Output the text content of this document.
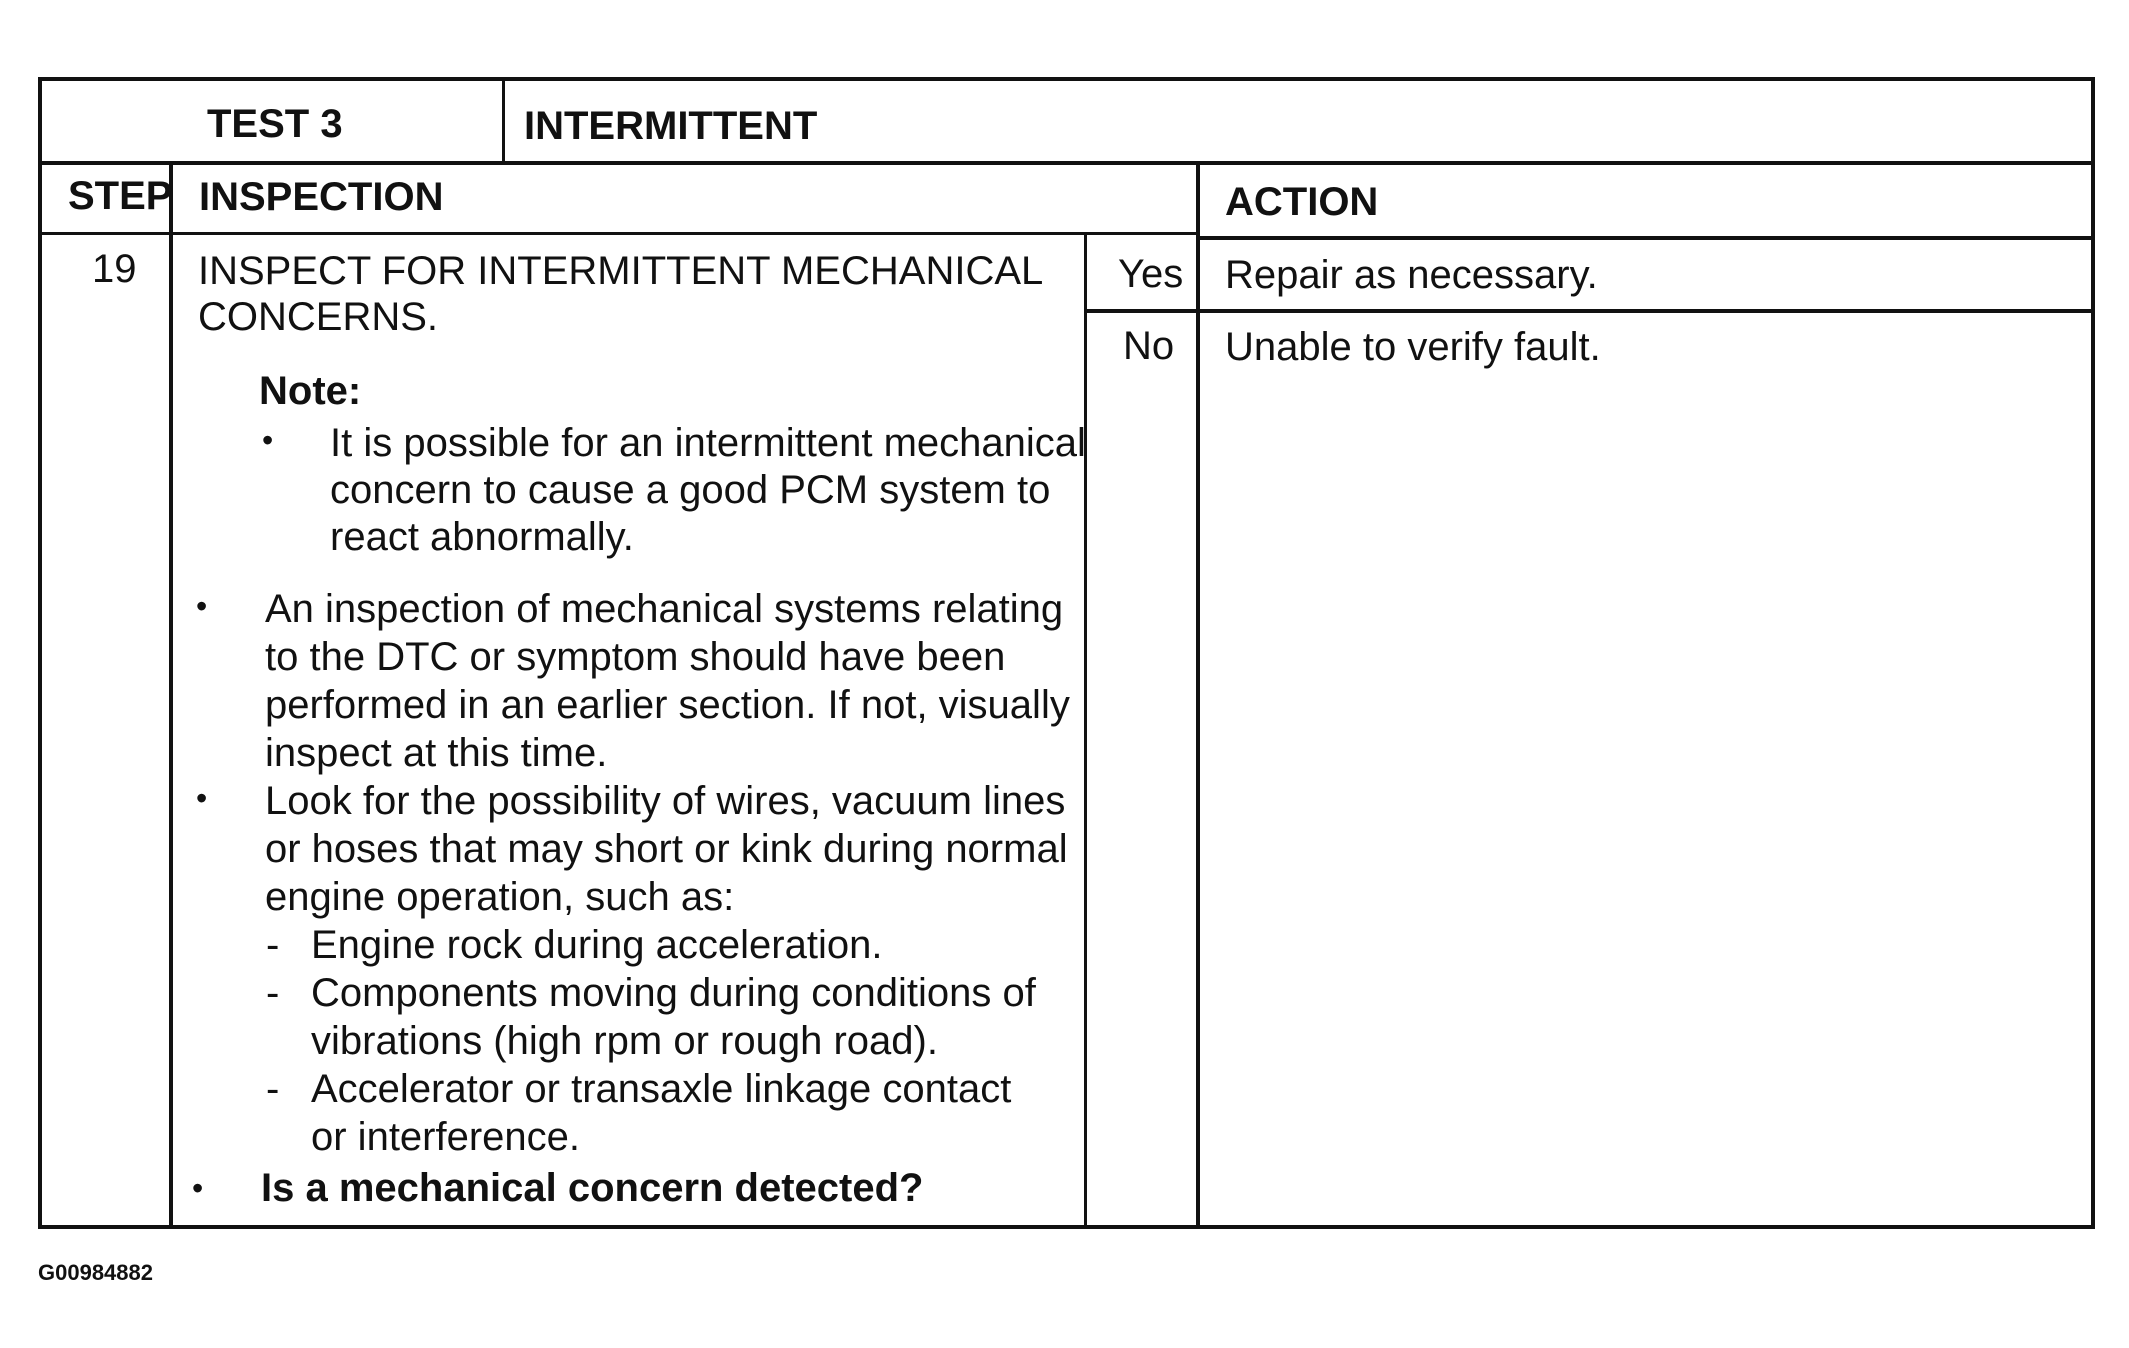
TEST 3	INTERMITTENT
STEP INSPECTION	ACTION
19 INSPECT FOR INTERMITTENT MECHANICAL
CONCERNS.
Note:
• It is possible for an intermittent mechanical
concern to cause a good PCM system to
react abnormally.
• An inspection of mechanical systems relating
to the DTC or symptom should have been
performed in an earlier section. If not, visually
inspect at this time.
• Look for the possibility of wires, vacuum lines
or hoses that may short or kink during normal
engine operation, such as:
- Engine rock during acceleration.
- Components moving during conditions of
vibrations (high rpm or rough road).
- Accelerator or transaxle linkage contact
or interference.
• Is a mechanical concern detected?
Yes Repair as necessary.
No Unable to verify fault.
G00984882
